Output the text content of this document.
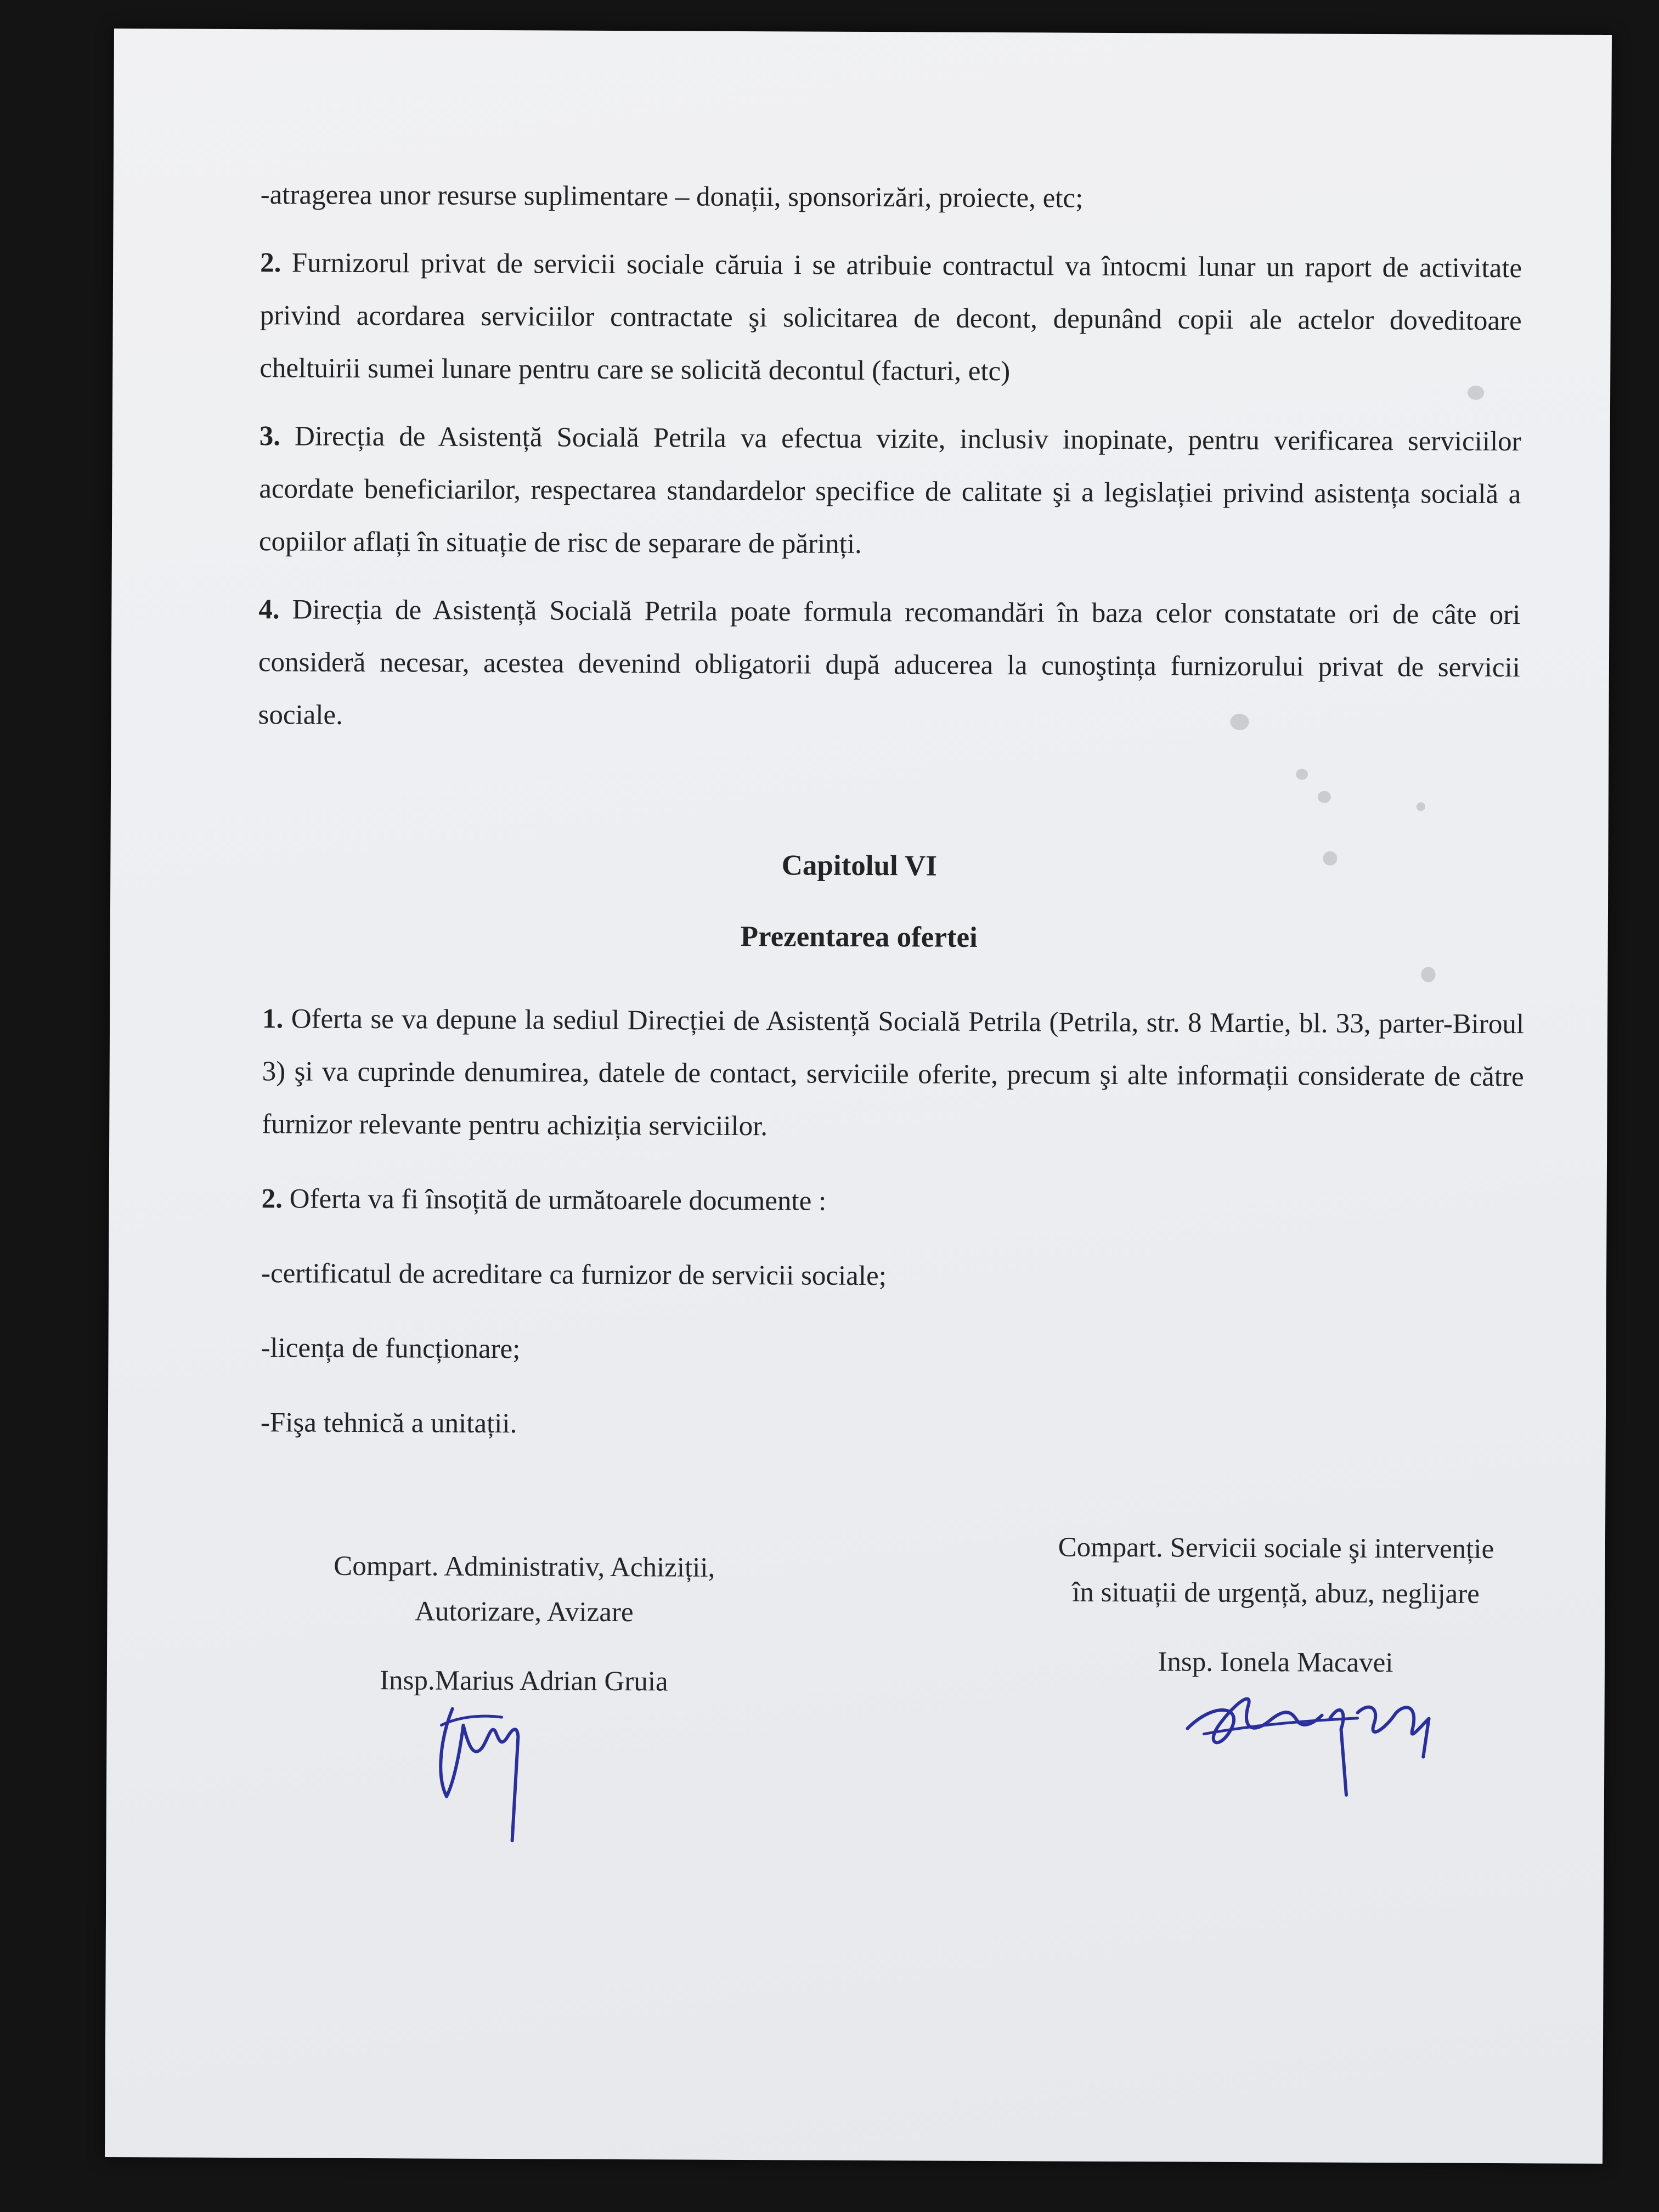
-atragerea unor resurse suplimentare – donații, sponsorizări, proiecte, etc;

2. Furnizorul privat de servicii sociale căruia i se atribuie contractul va întocmi lunar un raport de activitate privind acordarea serviciilor contractate şi solicitarea de decont, depunând copii ale actelor doveditoare cheltuirii sumei lunare pentru care se solicită decontul (facturi, etc)

3. Direcția de Asistență Socială Petrila va efectua vizite, inclusiv inopinate, pentru verificarea serviciilor acordate beneficiarilor, respectarea standardelor specifice de calitate şi a legislației privind asistența socială a copiilor aflați în situație de risc de separare de părinți.

4. Direcția de Asistență Socială Petrila poate formula recomandări în baza celor constatate ori de câte ori consideră necesar, acestea devenind obligatorii după aducerea la cunoştința furnizorului privat de servicii sociale.

Capitolul VI
Prezentarea ofertei

1. Oferta se va depune la sediul Direcției de Asistență Socială Petrila (Petrila, str. 8 Martie, bl. 33, parter-Biroul 3) şi va cuprinde denumirea, datele de contact, serviciile oferite, precum şi alte informații considerate de către furnizor relevante pentru achiziția serviciilor.

2. Oferta va fi însoțită de următoarele documente :

-certificatul de acreditare ca furnizor de servicii sociale;

-licența de funcționare;

-Fişa tehnică a unitații.

Compart. Administrativ, Achiziții,
Autorizare, Avizare
Insp.Marius Adrian Gruia
Compart. Servicii sociale şi intervenție
în situații de urgență, abuz, neglijare
Insp. Ionela Macavei
